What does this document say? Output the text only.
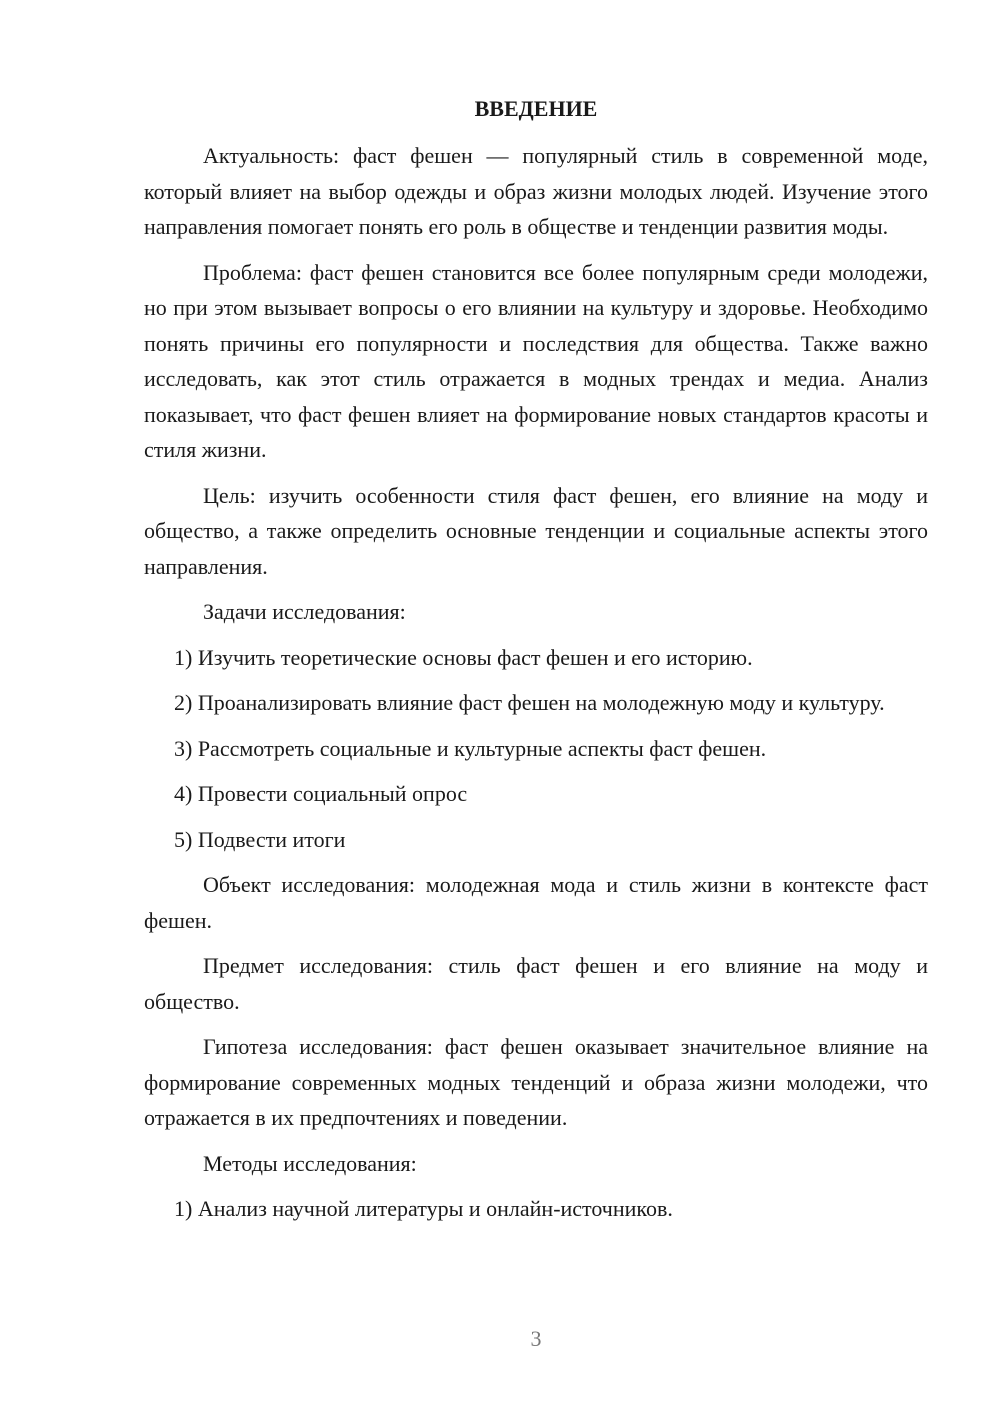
ВВЕДЕНИЕ

Актуальность: фаст фешен — популярный стиль в современной моде, который влияет на выбор одежды и образ жизни молодых людей. Изучение этого направления помогает понять его роль в обществе и тенденции развития моды.

Проблема: фаст фешен становится все более популярным среди молодежи, но при этом вызывает вопросы о его влиянии на культуру и здоровье. Необходимо понять причины его популярности и последствия для общества. Также важно исследовать, как этот стиль отражается в модных трендах и медиа. Анализ показывает, что фаст фешен влияет на формирование новых стандартов красоты и стиля жизни.

Цель: изучить особенности стиля фаст фешен, его влияние на моду и общество, а также определить основные тенденции и социальные аспекты этого направления.

Задачи исследования:

1) Изучить теоретические основы фаст фешен и его историю.

2) Проанализировать влияние фаст фешен на молодежную моду и культуру.

3) Рассмотреть социальные и культурные аспекты фаст фешен.

4) Провести социальный опрос

5) Подвести итоги

Объект исследования: молодежная мода и стиль жизни в контексте фаст фешен.

Предмет исследования: стиль фаст фешен и его влияние на моду и общество.

Гипотеза исследования: фаст фешен оказывает значительное влияние на формирование современных модных тенденций и образа жизни молодежи, что отражается в их предпочтениях и поведении.

Методы исследования:

1) Анализ научной литературы и онлайн-источников.

3
